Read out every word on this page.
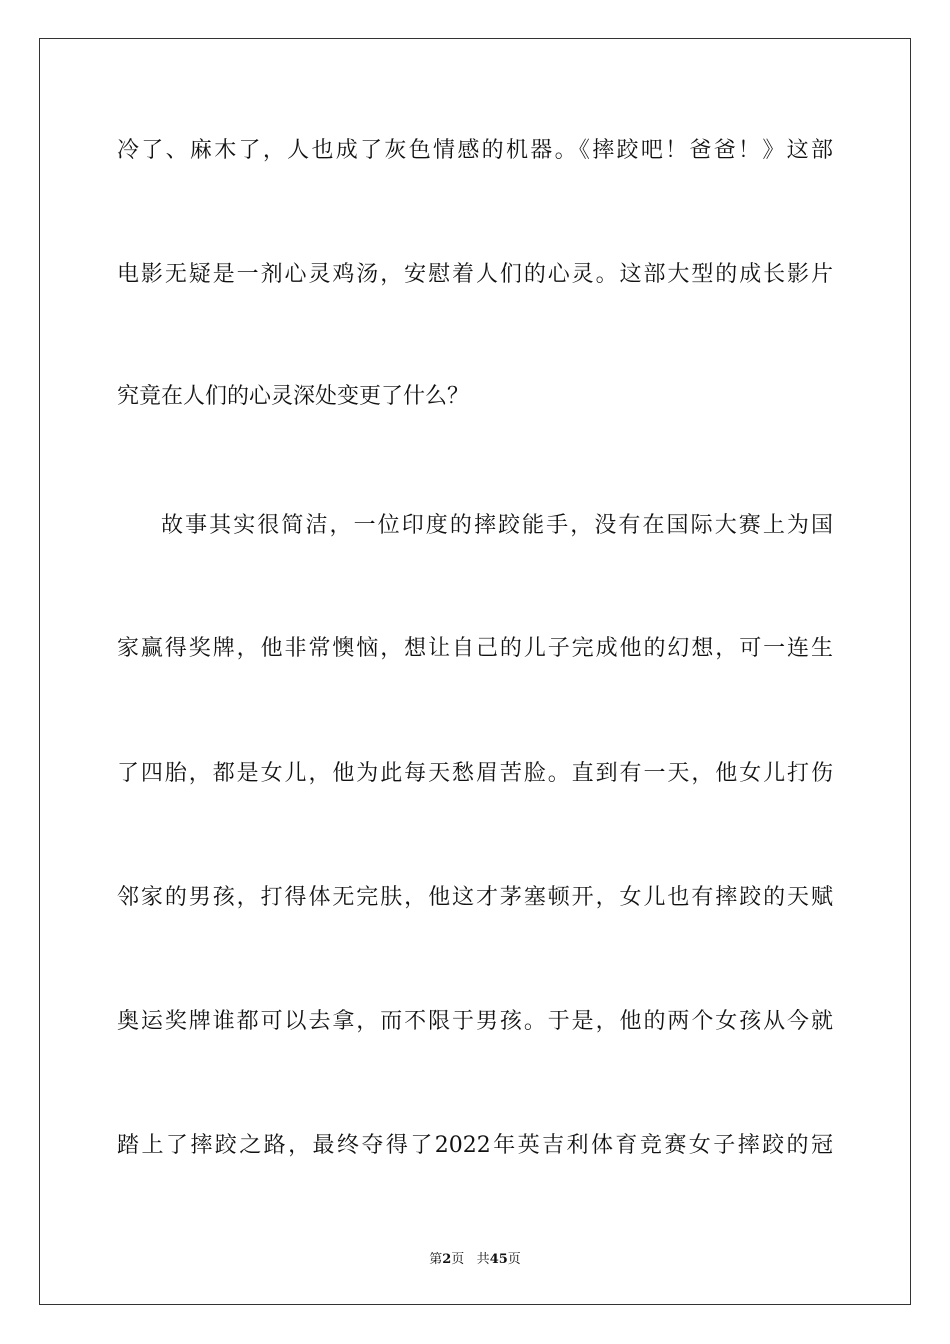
冷了、麻木了，人也成了灰色情感的机器。《摔跤吧！爸爸！》这部
电影无疑是一剂心灵鸡汤，安慰着人们的心灵。这部大型的成长影片
究竟在人们的心灵深处变更了什么？
故事其实很简洁，一位印度的摔跤能手，没有在国际大赛上为国
家赢得奖牌，他非常懊恼，想让自己的儿子完成他的幻想，可一连生
了四胎，都是女儿，他为此每天愁眉苦脸。直到有一天，他女儿打伤
邻家的男孩，打得体无完肤，他这才茅塞顿开，女儿也有摔跤的天赋
奥运奖牌谁都可以去拿，而不限于男孩。于是，他的两个女孩从今就
踏上了摔跤之路，最终夺得了2022年英吉利体育竞赛女子摔跤的冠
第2页 共45页
